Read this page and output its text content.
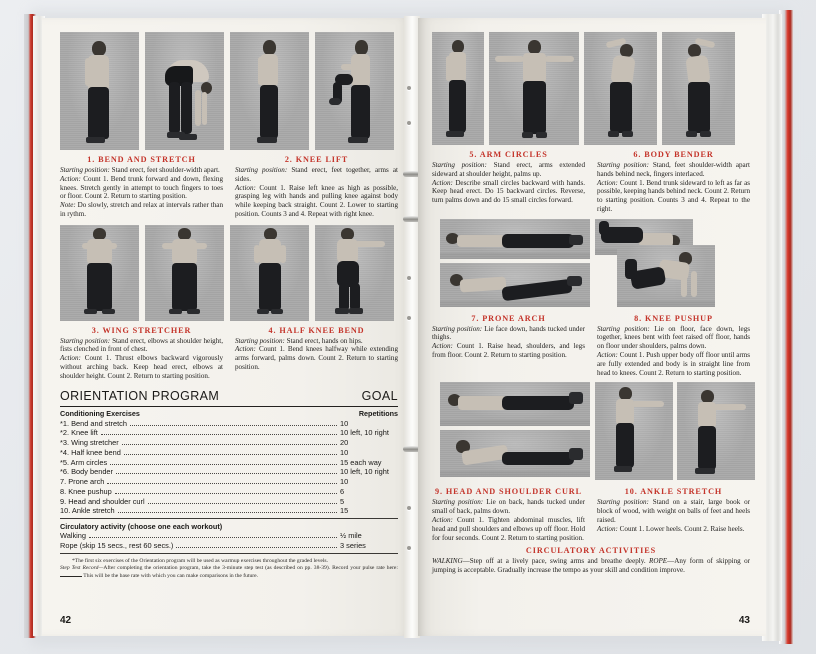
1. BEND AND STRETCH
Starting position: Stand erect, feet shoulder-width apart.
Action: Count 1. Bend trunk forward and down, flexing knees. Stretch gently in attempt to touch fingers to toes or floor. Count 2. Return to starting position.
Note: Do slowly, stretch and relax at intervals rather than in rythm.
2. KNEE LIFT
Starting position: Stand erect, feet together, arms at sides.
Action: Count 1. Raise left knee as high as possible, grasping leg with hands and pulling knee against body while keeping back straight. Count 2. Lower to starting position. Counts 3 and 4. Repeat with right knee.
3. WING STRETCHER
Starting position: Stand erect, elbows at shoulder height, fists clenched in front of chest.
Action: Count 1. Thrust elbows backward vigorously without arching back. Keep head erect, elbows at shoulder height. Count 2. Return to starting position.
4. HALF KNEE BEND
Starting position: Stand erect, hands on hips.
Action: Count 1. Bend knees halfway while extending arms forward, palms down. Count 2. Return to starting position.
ORIENTATION PROGRAM	GOAL
Conditioning Exercises	Repetitions
*1. Bend and stretch	10
*2. Knee lift	10 left, 10 right
*3. Wing stretcher	20
*4. Half knee bend	10
*5. Arm circles	15 each way
*6. Body bender	10 left, 10 right
7. Prone arch	10
8. Knee pushup	6
9. Head and shoulder curl	5
10. Ankle stretch	15
Circulatory activity (choose one each workout)
Walking	½ mile
Rope (skip 15 secs., rest 60 secs.)	3 series
*The first six exercises of the Orientation program will be used as warmup exercises throughout the graded levels.
Step Test Record—After completing the orientation program, take the 3-minute step test (as described on pp. 38-39). Record your pulse rate here:  This will be the base rate with which you can make comparisons in the future.
42
5. ARM CIRCLES
Starting position: Stand erect, arms extended sideward at shoulder height, palms up.
Action: Describe small circles backward with hands. Keep head erect. Do 15 backward circles. Reverse, turn palms down and do 15 small circles forward.
6. BODY BENDER
Starting position: Stand, feet shoulder-width apart hands behind neck, fingers interlaced.
Action: Count 1. Bend trunk sideward to left as far as possible, keeping hands behind neck. Count 2. Return to starting position. Counts 3 and 4. Repeat to the right.
7. PRONE ARCH
Starting position: Lie face down, hands tucked under thighs.
Action: Count 1. Raise head, shoulders, and legs from floor. Count 2. Return to starting position.
8. KNEE PUSHUP
Starting position: Lie on floor, face down, legs together, knees bent with feet raised off floor, hands on floor under shoulders, palms down.
Action: Count 1. Push upper body off floor until arms are fully extended and body is in straight line from head to knees. Count 2. Return to starting position.
9. HEAD AND SHOULDER CURL
Starting position: Lie on back, hands tucked under small of back, palms down.
Action: Count 1. Tighten abdominal muscles, lift head and pull shoulders and elbows up off floor. Hold for four seconds. Count 2. Return to starting position.
10. ANKLE STRETCH
Starting position: Stand on a stair, large book or block of wood, with weight on balls of feet and heels raised.
Action: Count 1. Lower heels. Count 2. Raise heels.
CIRCULATORY ACTIVITIES
WALKING—Step off at a lively pace, swing arms and breathe deeply. ROPE—Any form of skipping or jumping is acceptable. Gradually increase the tempo as your skill and condition improve.
43
